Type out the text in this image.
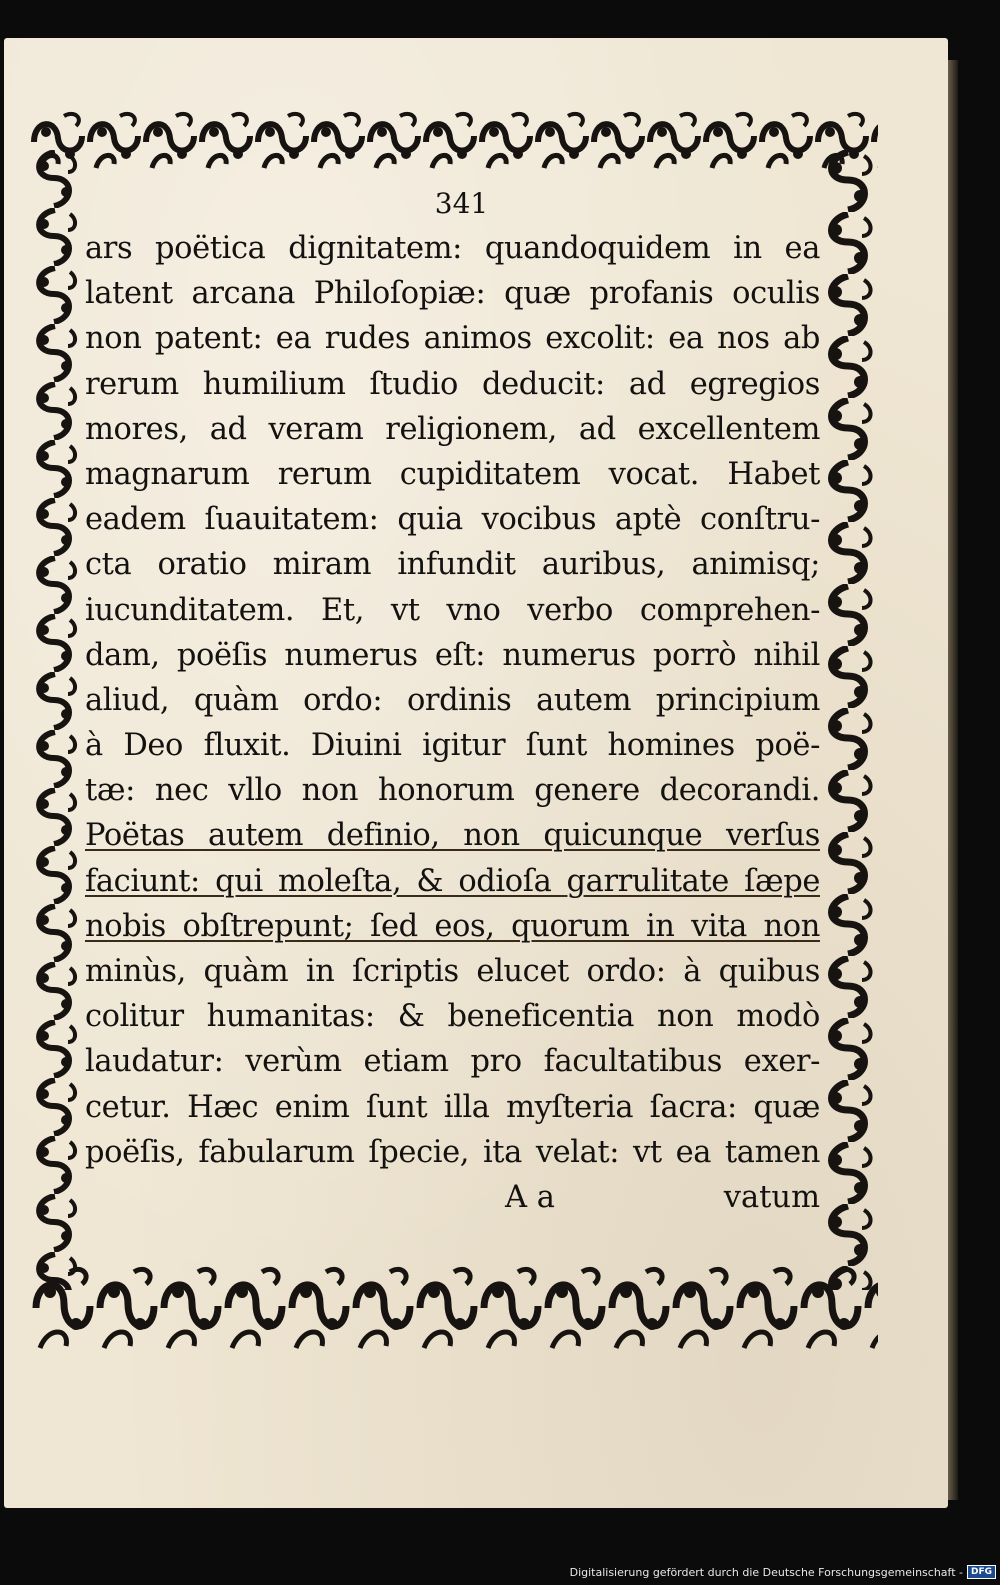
341
ars poëtica dignitatem: quandoquidem in ea
latent arcana Philoſopiæ: quæ profanis oculis
non patent: ea rudes animos excolit: ea nos ab
rerum humilium ſtudio deducit: ad egregios
mores, ad veram religionem, ad excellentem
magnarum rerum cupiditatem vocat. Habet
eadem ſuauitatem: quia vocibus aptè conſtru-
cta oratio miram infundit auribus, animisq;
iucunditatem. Et, vt vno verbo comprehen-
dam, poëſis numerus eſt: numerus porrò nihil
aliud, quàm ordo: ordinis autem principium
à Deo fluxit. Diuini igitur ſunt homines poë-
tæ: nec vllo non honorum genere decorandi.
Poëtas autem definio, non quicunque verſus
faciunt: qui moleſta, & odioſa garrulitate ſæpe
nobis obſtrepunt; ſed eos, quorum in vita non
minùs, quàm in ſcriptis elucet ordo: à quibus
colitur humanitas: & beneficentia non modò
laudatur: verùm etiam pro facultatibus exer-
cetur. Hæc enim ſunt illa myſteria ſacra: quæ
poëſis, fabularum ſpecie, ita velat: vt ea tamen
A a	vatum
Digitalisierung gefördert durch die Deutsche Forschungsgemeinschaft - DFG
